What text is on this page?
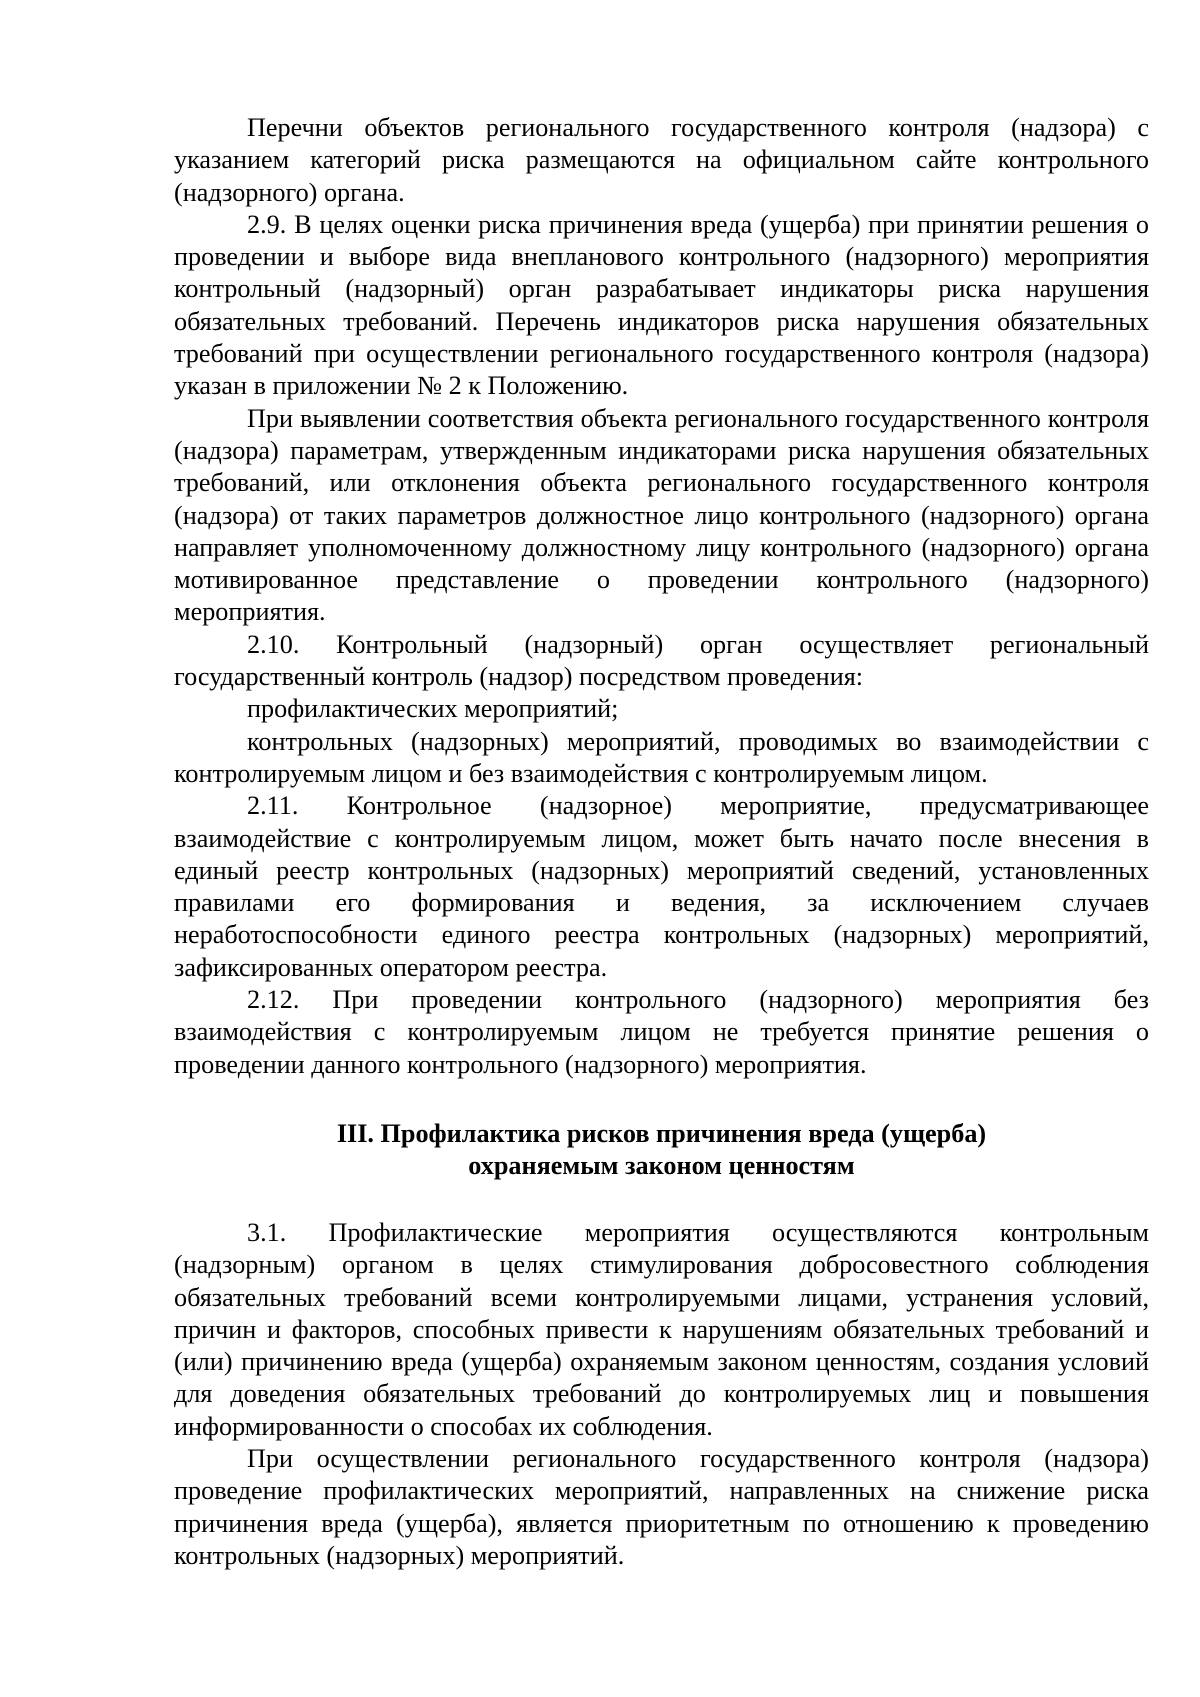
Перечни объектов регионального государственного контроля (надзора) с указанием категорий риска размещаются на официальном сайте контрольного (надзорного) органа.

2.9. В целях оценки риска причинения вреда (ущерба) при принятии решения о проведении и выборе вида внепланового контрольного (надзорного) мероприятия контрольный (надзорный) орган разрабатывает индикаторы риска нарушения обязательных требований. Перечень индикаторов риска нарушения обязательных требований при осуществлении регионального государственного контроля (надзора) указан в приложении № 2 к Положению.

При выявлении соответствия объекта регионального государственного контроля (надзора) параметрам, утвержденным индикаторами риска нарушения обязательных требований, или отклонения объекта регионального государственного контроля (надзора) от таких параметров должностное лицо контрольного (надзорного) органа направляет уполномоченному должностному лицу контрольного (надзорного) органа мотивированное представление о проведении контрольного (надзорного) мероприятия.

2.10. Контрольный (надзорный) орган осуществляет региональный государственный контроль (надзор) посредством проведения:

профилактических мероприятий;

контрольных (надзорных) мероприятий, проводимых во взаимодействии с контролируемым лицом и без взаимодействия с контролируемым лицом.

2.11. Контрольное (надзорное) мероприятие, предусматривающее взаимодействие с контролируемым лицом, может быть начато после внесения в единый реестр контрольных (надзорных) мероприятий сведений, установленных правилами его формирования и ведения, за исключением случаев неработоспособности единого реестра контрольных (надзорных) мероприятий, зафиксированных оператором реестра.

2.12. При проведении контрольного (надзорного) мероприятия без взаимодействия с контролируемым лицом не требуется принятие решения о проведении данного контрольного (надзорного) мероприятия.

III. Профилактика рисков причинения вреда (ущерба)
охраняемым законом ценностям

3.1. Профилактические мероприятия осуществляются контрольным (надзорным) органом в целях стимулирования добросовестного соблюдения обязательных требований всеми контролируемыми лицами, устранения условий, причин и факторов, способных привести к нарушениям обязательных требований и (или) причинению вреда (ущерба) охраняемым законом ценностям, создания условий для доведения обязательных требований до контролируемых лиц и повышения информированности о способах их соблюдения.

При осуществлении регионального государственного контроля (надзора) проведение профилактических мероприятий, направленных на снижение риска причинения вреда (ущерба), является приоритетным по отношению к проведению контрольных (надзорных) мероприятий.
